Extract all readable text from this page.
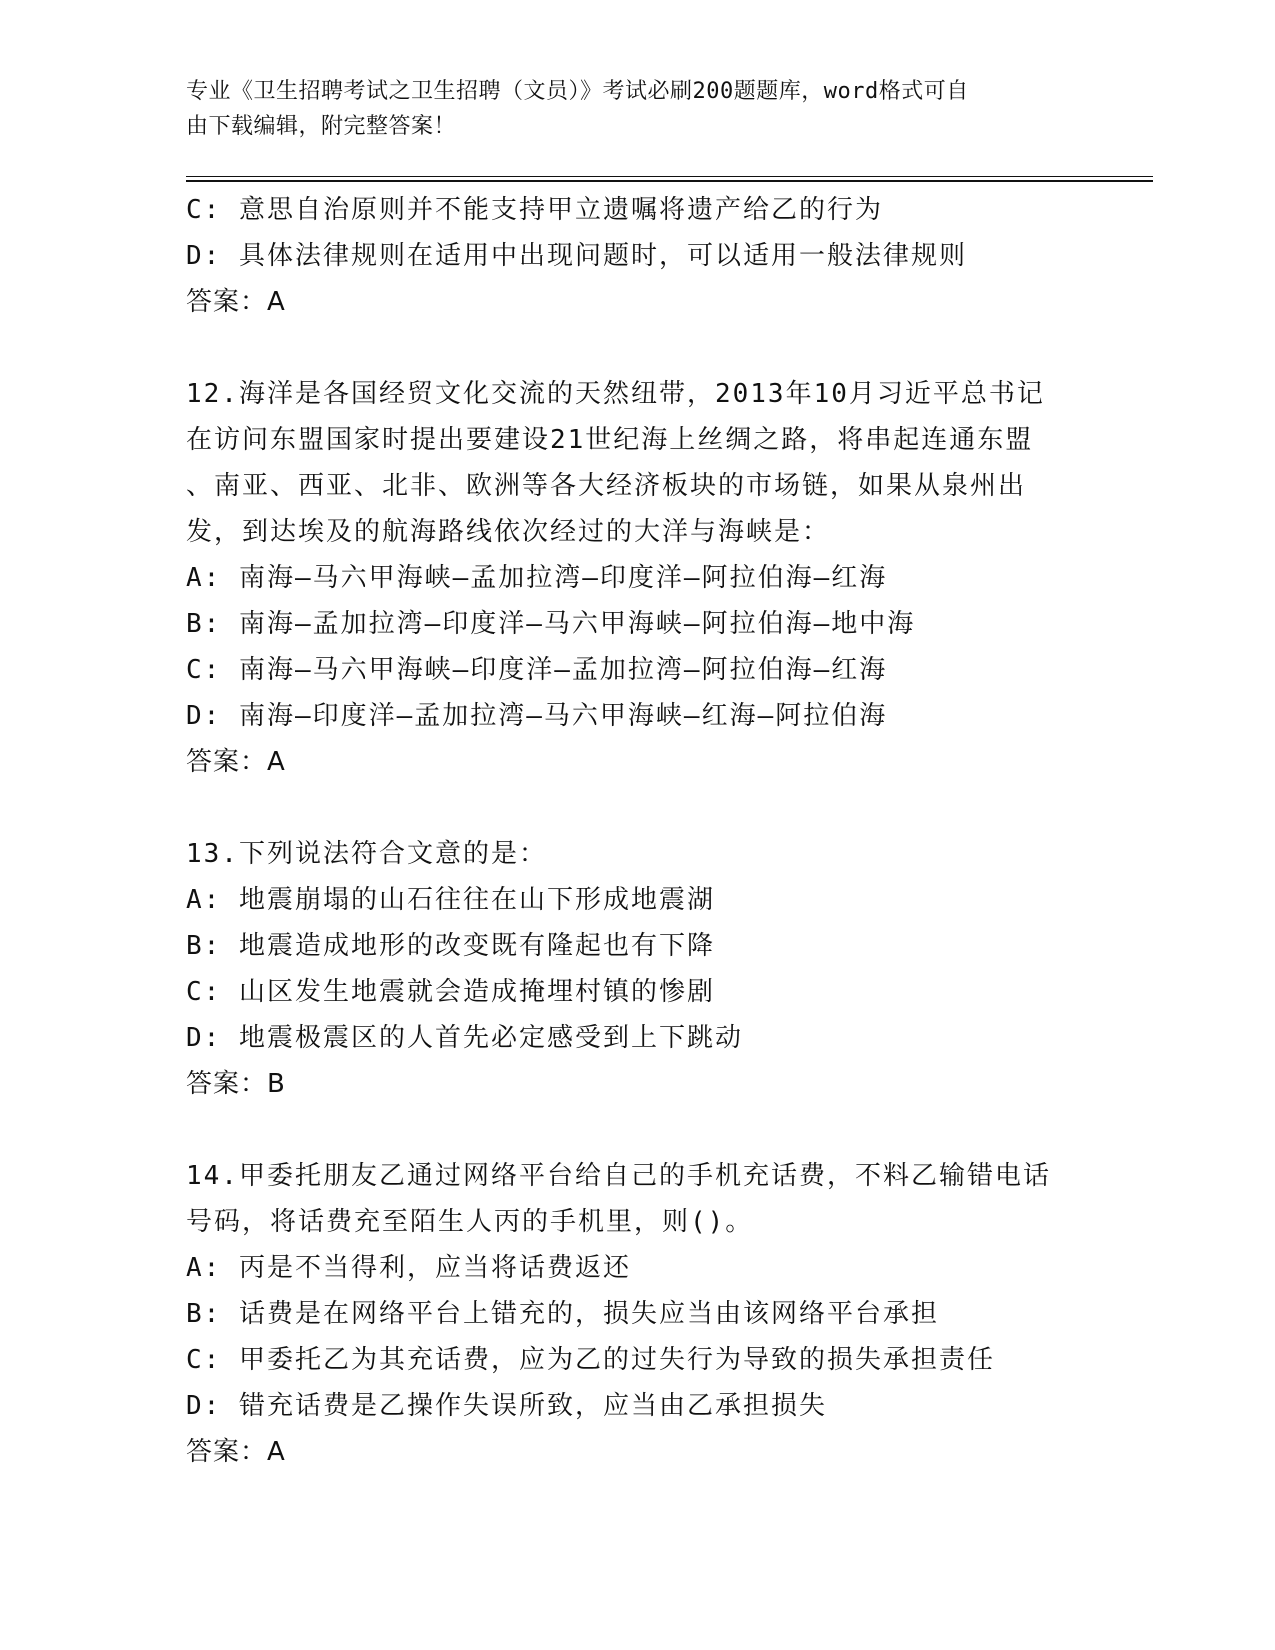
专业《卫生招聘考试之卫生招聘（文员）》考试必刷200题题库，word格式可自
由下载编辑，附完整答案！
C: 意思自治原则并不能支持甲立遗嘱将遗产给乙的行为
D: 具体法律规则在适用中出现问题时，可以适用一般法律规则
答案：A
12.海洋是各国经贸文化交流的天然纽带，2013年10月习近平总书记
在访问东盟国家时提出要建设21世纪海上丝绸之路，将串起连通东盟
、南亚、西亚、北非、欧洲等各大经济板块的市场链，如果从泉州出
发，到达埃及的航海路线依次经过的大洋与海峡是：
A: 南海—马六甲海峡—孟加拉湾—印度洋—阿拉伯海—红海
B: 南海—孟加拉湾—印度洋—马六甲海峡—阿拉伯海—地中海
C: 南海—马六甲海峡—印度洋—孟加拉湾—阿拉伯海—红海
D: 南海—印度洋—孟加拉湾—马六甲海峡—红海—阿拉伯海
答案：A
13.下列说法符合文意的是：
A: 地震崩塌的山石往往在山下形成地震湖
B: 地震造成地形的改变既有隆起也有下降
C: 山区发生地震就会造成掩埋村镇的惨剧
D: 地震极震区的人首先必定感受到上下跳动
答案：B
14.甲委托朋友乙通过网络平台给自己的手机充话费，不料乙输错电话
号码，将话费充至陌生人丙的手机里，则()。
A: 丙是不当得利，应当将话费返还
B: 话费是在网络平台上错充的，损失应当由该网络平台承担
C: 甲委托乙为其充话费，应为乙的过失行为导致的损失承担责任
D: 错充话费是乙操作失误所致，应当由乙承担损失
答案：A
